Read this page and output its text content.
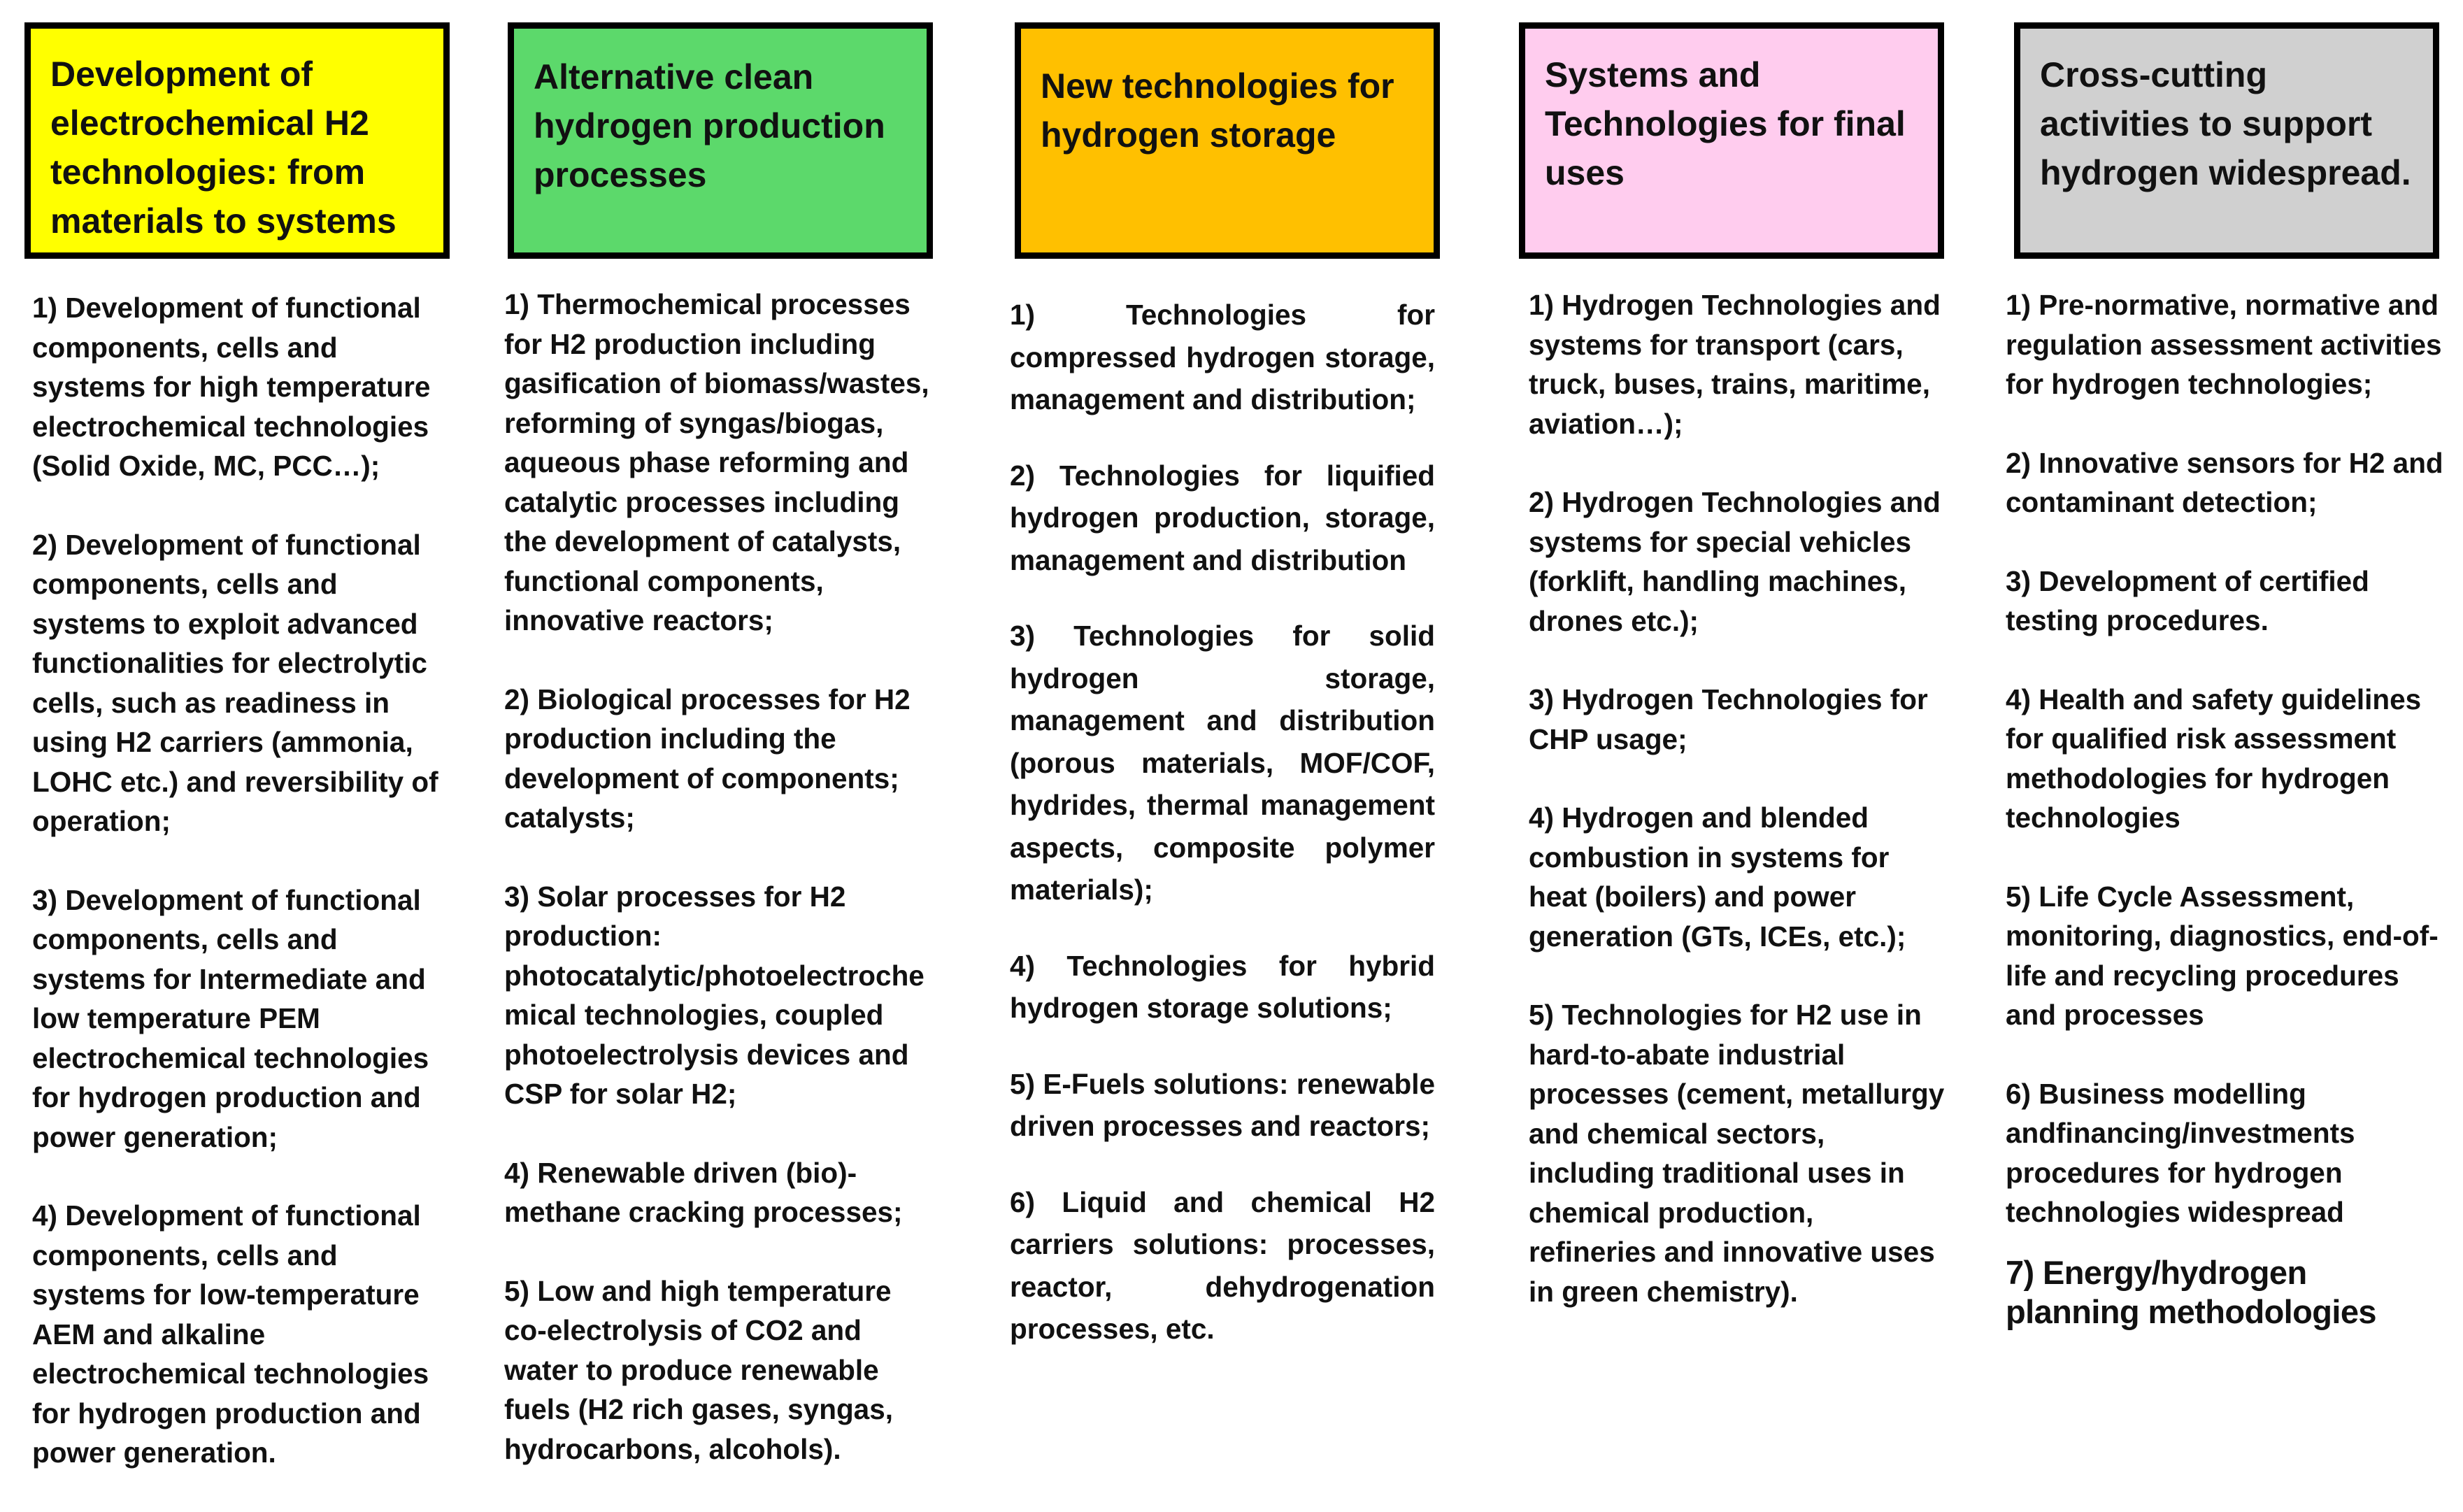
Development of electrochemical H2 technologies: from materials to systems
1) Development of functional components, cells and systems for high temperature electrochemical technologies (Solid Oxide, MC, PCC…);
2) Development of functional components, cells and systems to exploit advanced functionalities for electrolytic cells, such as readiness in using H2 carriers (ammonia, LOHC etc.) and reversibility of operation;
3) Development of functional components, cells and systems for Intermediate and low temperature PEM electrochemical technologies for hydrogen production and power generation;
4) Development of functional components, cells and systems for low-temperature AEM and alkaline electrochemical technologies for hydrogen production and power generation.
Alternative clean hydrogen production processes
1) Thermochemical processes for H2 production including gasification of biomass/wastes, reforming of syngas/biogas, aqueous phase reforming and catalytic processes including the development of catalysts, functional components, innovative reactors;
2) Biological processes for H2 production including the development of components; catalysts;
3) Solar processes for H2 production: photocatalytic/photoelectrochemical technologies, coupled photoelectrolysis devices and CSP for solar H2;
4) Renewable driven (bio)-methane cracking processes;
5) Low and high temperature co-electrolysis of CO2 and water to produce renewable fuels (H2 rich gases, syngas, hydrocarbons, alcohols).
New technologies for hydrogen storage
1) Technologies for compressed hydrogen storage, management and distribution;
2) Technologies for liquified hydrogen production, storage, management and distribution
3) Technologies for solid hydrogen storage, management and distribution (porous materials, MOF/COF, hydrides, thermal management aspects, composite polymer materials);
4) Technologies for hybrid hydrogen storage solutions;
5) E-Fuels solutions: renewable driven processes and reactors;
6) Liquid and chemical H2 carriers solutions: processes, reactor, dehydrogenation processes, etc.
Systems and Technologies for final uses
1) Hydrogen Technologies and systems for transport (cars, truck, buses, trains, maritime, aviation…);
2) Hydrogen Technologies and systems for special vehicles (forklift, handling machines, drones etc.);
3) Hydrogen Technologies for CHP usage;
4) Hydrogen and blended combustion in systems for heat (boilers) and power generation (GTs, ICEs, etc.);
5) Technologies for H2 use in hard-to-abate industrial processes (cement, metallurgy and chemical sectors, including traditional uses in chemical production, refineries and innovative uses in green chemistry).
Cross-cutting activities to support hydrogen widespread.
1) Pre-normative, normative and regulation assessment activities for hydrogen technologies;
2) Innovative sensors for H2 and contaminant detection;
3) Development of certified testing procedures.
4) Health and safety guidelines for qualified risk assessment methodologies for hydrogen technologies
5) Life Cycle Assessment, monitoring, diagnostics, end-of-life and recycling procedures and processes
6) Business modelling andfinancing/investments procedures for hydrogen technologies widespread
7) Energy/hydrogen planning methodologies
